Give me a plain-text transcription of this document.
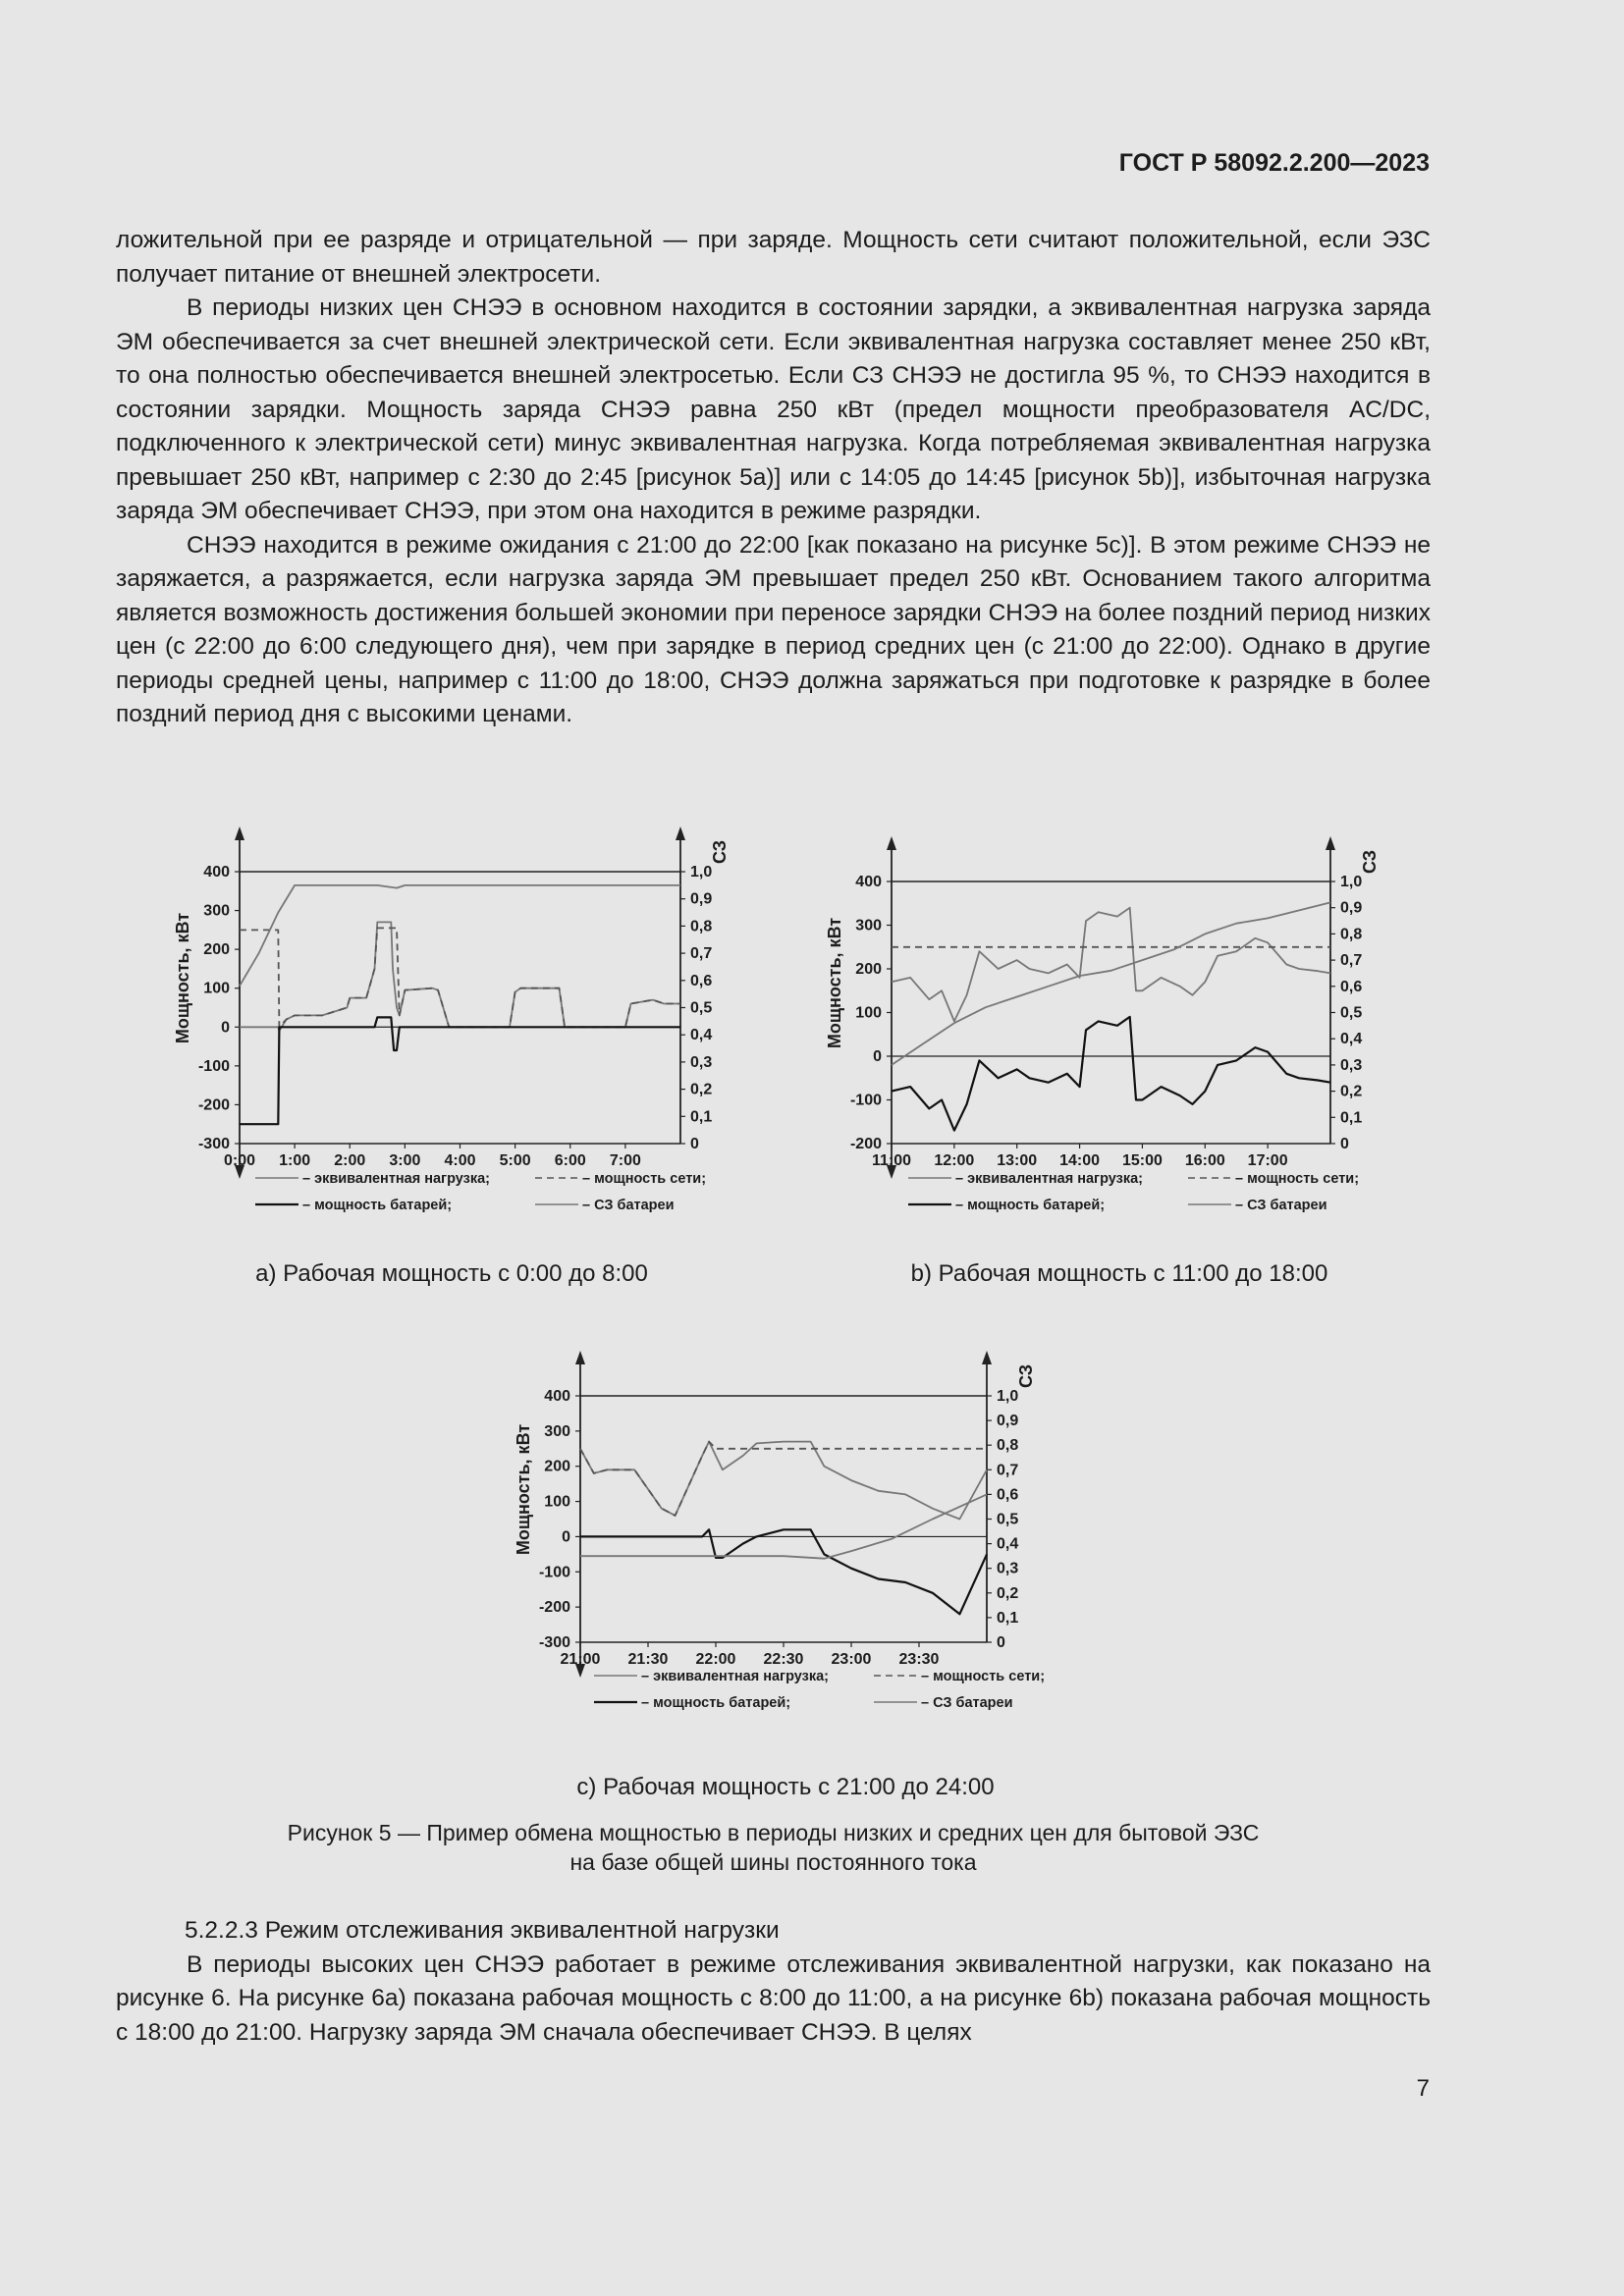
ГОСТ Р 58092.2.200—2023

ложительной при ее разряде и отрицательной — при заряде. Мощность сети считают положительной, если ЭЗС получает питание от внешней электросети.

В периоды низких цен СНЭЭ в основном находится в состоянии зарядки, а эквивалентная нагрузка заряда ЭМ обеспечивается за счет внешней электрической сети. Если эквивалентная нагрузка составляет менее 250 кВт, то она полностью обеспечивается внешней электросетью. Если СЗ СНЭЭ не достигла 95 %, то СНЭЭ находится в состоянии зарядки. Мощность заряда СНЭЭ равна 250 кВт (предел мощности преобразователя AC/DC, подключенного к электрической сети) минус эквивалентная нагрузка. Когда потребляемая эквивалентная нагрузка превышает 250 кВт, например с 2:30 до 2:45 [рисунок 5a)] или с 14:05 до 14:45 [рисунок 5b)], избыточная нагрузка заряда ЭМ обеспечивает СНЭЭ, при этом она находится в режиме разрядки.

СНЭЭ находится в режиме ожидания с 21:00 до 22:00 [как показано на рисунке 5c)]. В этом режиме СНЭЭ не заряжается, а разряжается, если нагрузка заряда ЭМ превышает предел 250 кВт. Основанием такого алгоритма является возможность достижения большей экономии при переносе зарядки СНЭЭ на более поздний период низких цен (с 22:00 до 6:00 следующего дня), чем при зарядке в период средних цен (с 21:00 до 22:00). Однако в другие периоды средней цены, например с 11:00 до 18:00, СНЭЭ должна заряжаться при подготовке к разрядке в более поздний период дня с высокими ценами.

400
300
200
100
0
-100
-200
-300
1,0
0,9
0,8
0,7
0,6
0,5
0,4
0,3
0,2
0,1
0
0:00 1:00 2:00 3:00 4:00 5:00 6:00 7:00
Мощность, кВт
СЗ
– эквивалентная нагрузка;	– мощность сети;
– мощность батарей;	– СЗ батареи
a) Рабочая мощность с 0:00 до 8:00
400
300
200
100
0
-100
-200
1,0
0,9
0,8
0,7
0,6
0,5
0,4
0,3
0,2
0,1
0
11:00 12:00 13:00 14:00 15:00 16:00 17:00
Мощность, кВт
СЗ
– эквивалентная нагрузка;	– мощность сети;
– мощность батарей;	– СЗ батареи
b) Рабочая мощность с 11:00 до 18:00
400
300
200
100
0
-100
-200
-300
1,0
0,9
0,8
0,7
0,6
0,5
0,4
0,3
0,2
0,1
0
21:00 21:30 22:00 22:30 23:00 23:30
Мощность, кВт
СЗ
– эквивалентная нагрузка;	– мощность сети;
– мощность батарей;	– СЗ батареи
c) Рабочая мощность с 21:00 до 24:00
Рисунок 5 — Пример обмена мощностью в периоды низких и средних цен для бытовой ЭЗС
на базе общей шины постоянного тока

5.2.2.3 Режим отслеживания эквивалентной нагрузки

В периоды высоких цен СНЭЭ работает в режиме отслеживания эквивалентной нагрузки, как показано на рисунке 6. На рисунке 6a) показана рабочая мощность с 8:00 до 11:00, а на рисунке 6b) показана рабочая мощность с 18:00 до 21:00. Нагрузку заряда ЭМ сначала обеспечивает СНЭЭ. В целях

7
